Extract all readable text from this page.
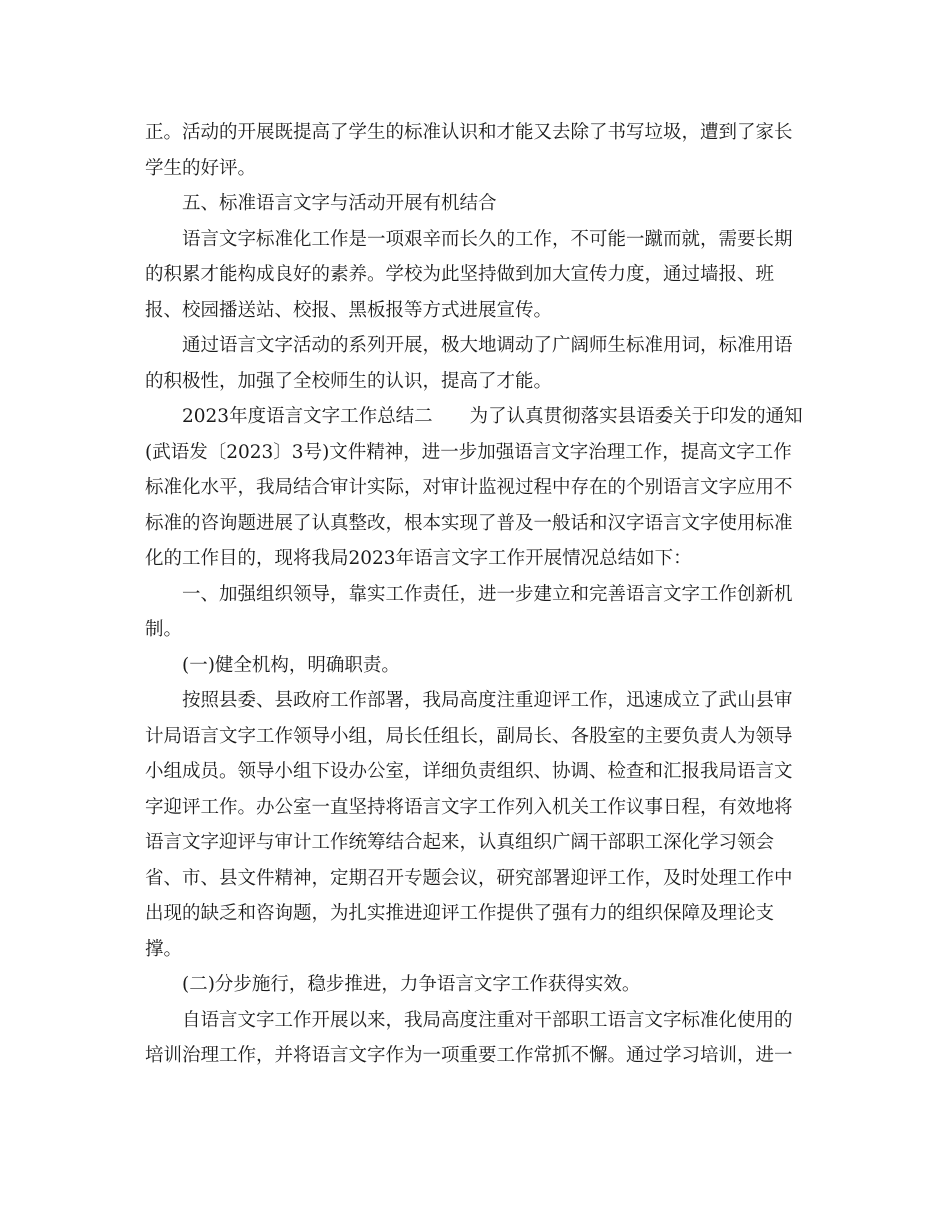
正。活动的开展既提高了学生的标准认识和才能又去除了书写垃圾，遭到了家长学生的好评。

五、标准语言文字与活动开展有机结合

语言文字标准化工作是一项艰辛而长久的工作，不可能一蹴而就，需要长期的积累才能构成良好的素养。学校为此坚持做到加大宣传力度，通过墙报、班报、校园播送站、校报、黑板报等方式进展宣传。

通过语言文字活动的系列开展，极大地调动了广阔师生标准用词，标准用语的积极性，加强了全校师生的认识，提高了才能。

2023年度语言文字工作总结二　　为了认真贯彻落实县语委关于印发的通知(武语发〔2023〕3号)文件精神，进一步加强语言文字治理工作，提高文字工作标准化水平，我局结合审计实际，对审计监视过程中存在的个别语言文字应用不标准的咨询题进展了认真整改，根本实现了普及一般话和汉字语言文字使用标准化的工作目的，现将我局2023年语言文字工作开展情况总结如下：

一、加强组织领导，靠实工作责任，进一步建立和完善语言文字工作创新机制。

(一)健全机构，明确职责。

按照县委、县政府工作部署，我局高度注重迎评工作，迅速成立了武山县审计局语言文字工作领导小组，局长任组长，副局长、各股室的主要负责人为领导小组成员。领导小组下设办公室，详细负责组织、协调、检查和汇报我局语言文字迎评工作。办公室一直坚持将语言文字工作列入机关工作议事日程，有效地将语言文字迎评与审计工作统筹结合起来，认真组织广阔干部职工深化学习领会省、市、县文件精神，定期召开专题会议，研究部署迎评工作，及时处理工作中出现的缺乏和咨询题，为扎实推进迎评工作提供了强有力的组织保障及理论支撑。

(二)分步施行，稳步推进，力争语言文字工作获得实效。

自语言文字工作开展以来，我局高度注重对干部职工语言文字标准化使用的培训治理工作，并将语言文字作为一项重要工作常抓不懈。通过学习培训，进一
